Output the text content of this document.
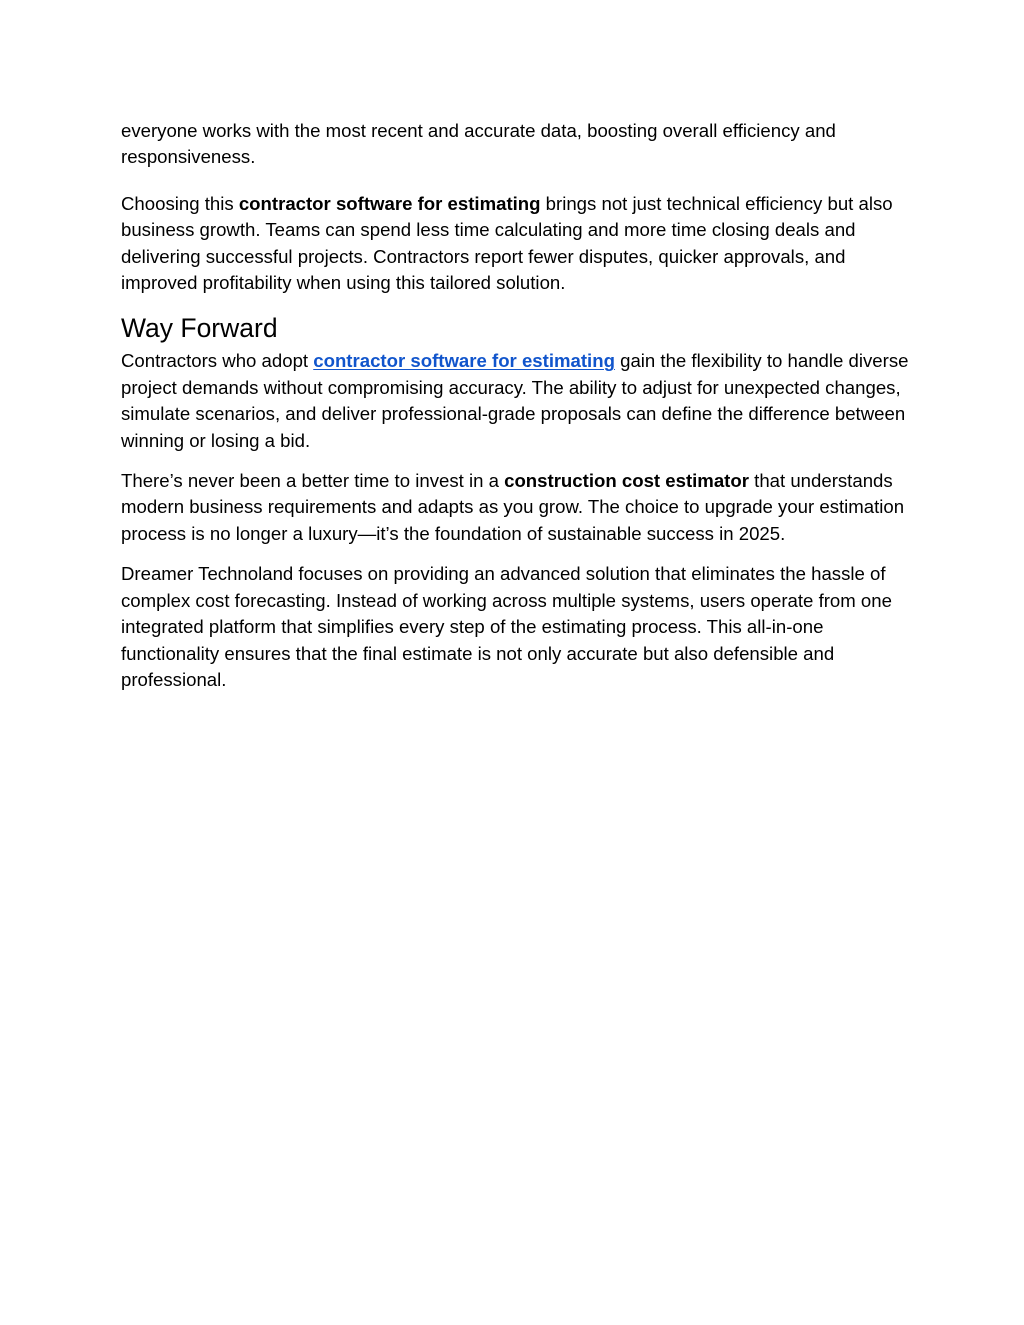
everyone works with the most recent and accurate data, boosting overall efficiency and responsiveness.

Choosing this contractor software for estimating brings not just technical efficiency but also business growth. Teams can spend less time calculating and more time closing deals and delivering successful projects. Contractors report fewer disputes, quicker approvals, and improved profitability when using this tailored solution.

Way Forward

Contractors who adopt contractor software for estimating gain the flexibility to handle diverse project demands without compromising accuracy. The ability to adjust for unexpected changes, simulate scenarios, and deliver professional-grade proposals can define the difference between winning or losing a bid.

There’s never been a better time to invest in a construction cost estimator that understands modern business requirements and adapts as you grow. The choice to upgrade your estimation process is no longer a luxury—it’s the foundation of sustainable success in 2025.

Dreamer Technoland focuses on providing an advanced solution that eliminates the hassle of complex cost forecasting. Instead of working across multiple systems, users operate from one integrated platform that simplifies every step of the estimating process. This all-in-one functionality ensures that the final estimate is not only accurate but also defensible and professional.
